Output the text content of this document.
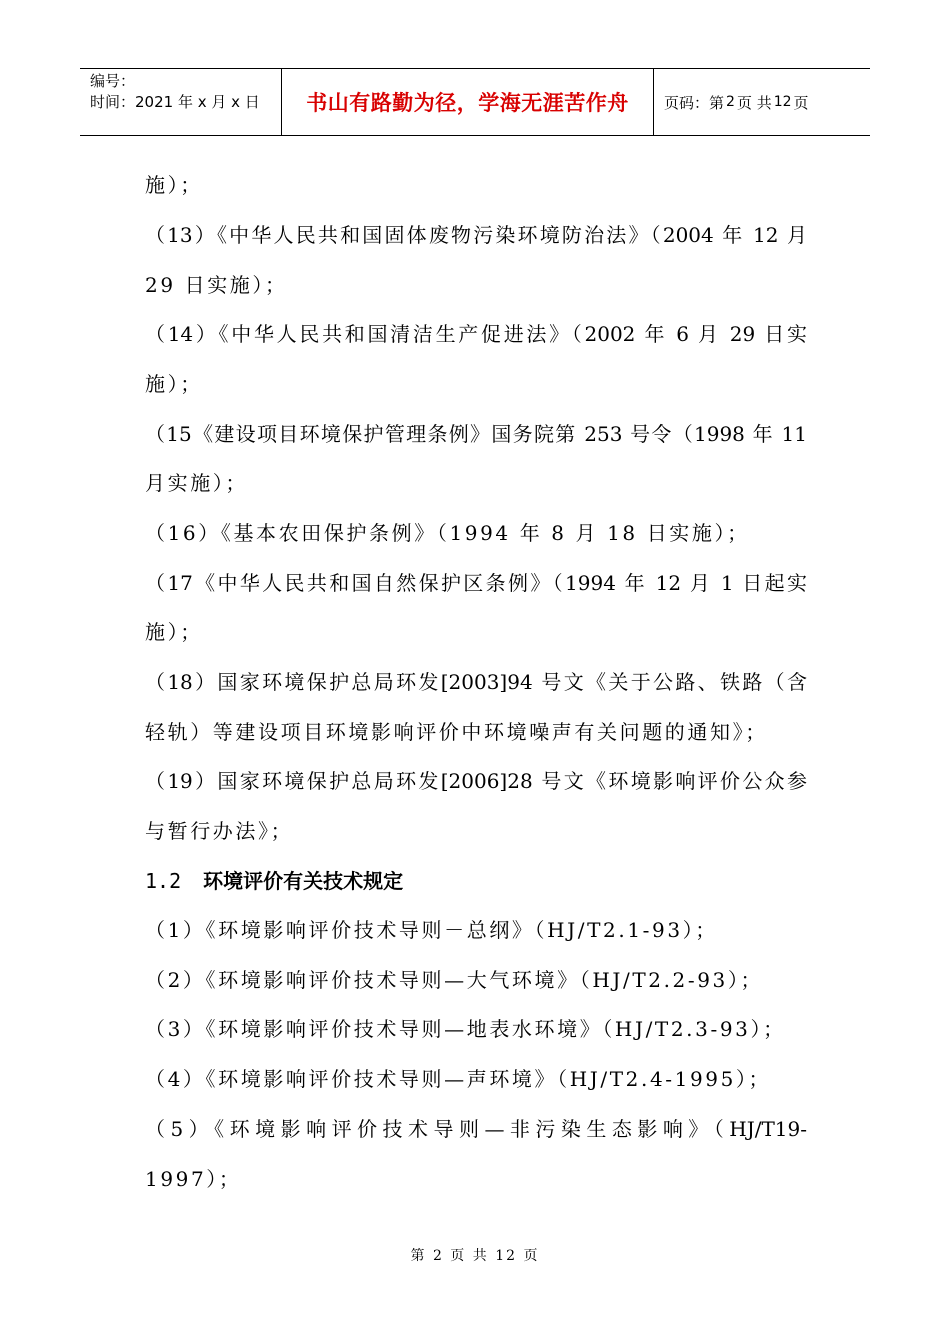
编号：
时间：2021 年 x 月 x 日	书山有路勤为径，学海无涯苦作舟 页码：第 2 页 共 12 页
施）；
（13）《中华人民共和国固体废物污染环境防治法》（2004 年 12 月
29 日实施）；
（14）《中华人民共和国清洁生产促进法》（2002 年 6 月 29 日实
施）；
（15《建设项目环境保护管理条例》国务院第 253 号令（1998 年 11
月实施）；
（16）《基本农田保护条例》（1994 年 8 月 18 日实施）；
（17《中华人民共和国自然保护区条例》（1994 年 12 月 1 日起实
施）；
（18）国家环境保护总局环发[2003]94 号文《关于公路、铁路（含
轻轨）等建设项目环境影响评价中环境噪声有关问题的通知》；
（19）国家环境保护总局环发[2006]28 号文《环境影响评价公众参
与暂行办法》；
1.2 环境评价有关技术规定
（1）《环境影响评价技术导则－总纲》（HJ/T2.1-93）；
（2）《环境影响评价技术导则—大气环境》（HJ/T2.2-93）；
（3）《环境影响评价技术导则—地表水环境》（HJ/T2.3-93）；
（4）《环境影响评价技术导则—声环境》（HJ/T2.4-1995）；
（5）《环境影响评价技术导则—非污染生态影响》（HJ/T19-
1997）；
第 2 页 共 12 页
